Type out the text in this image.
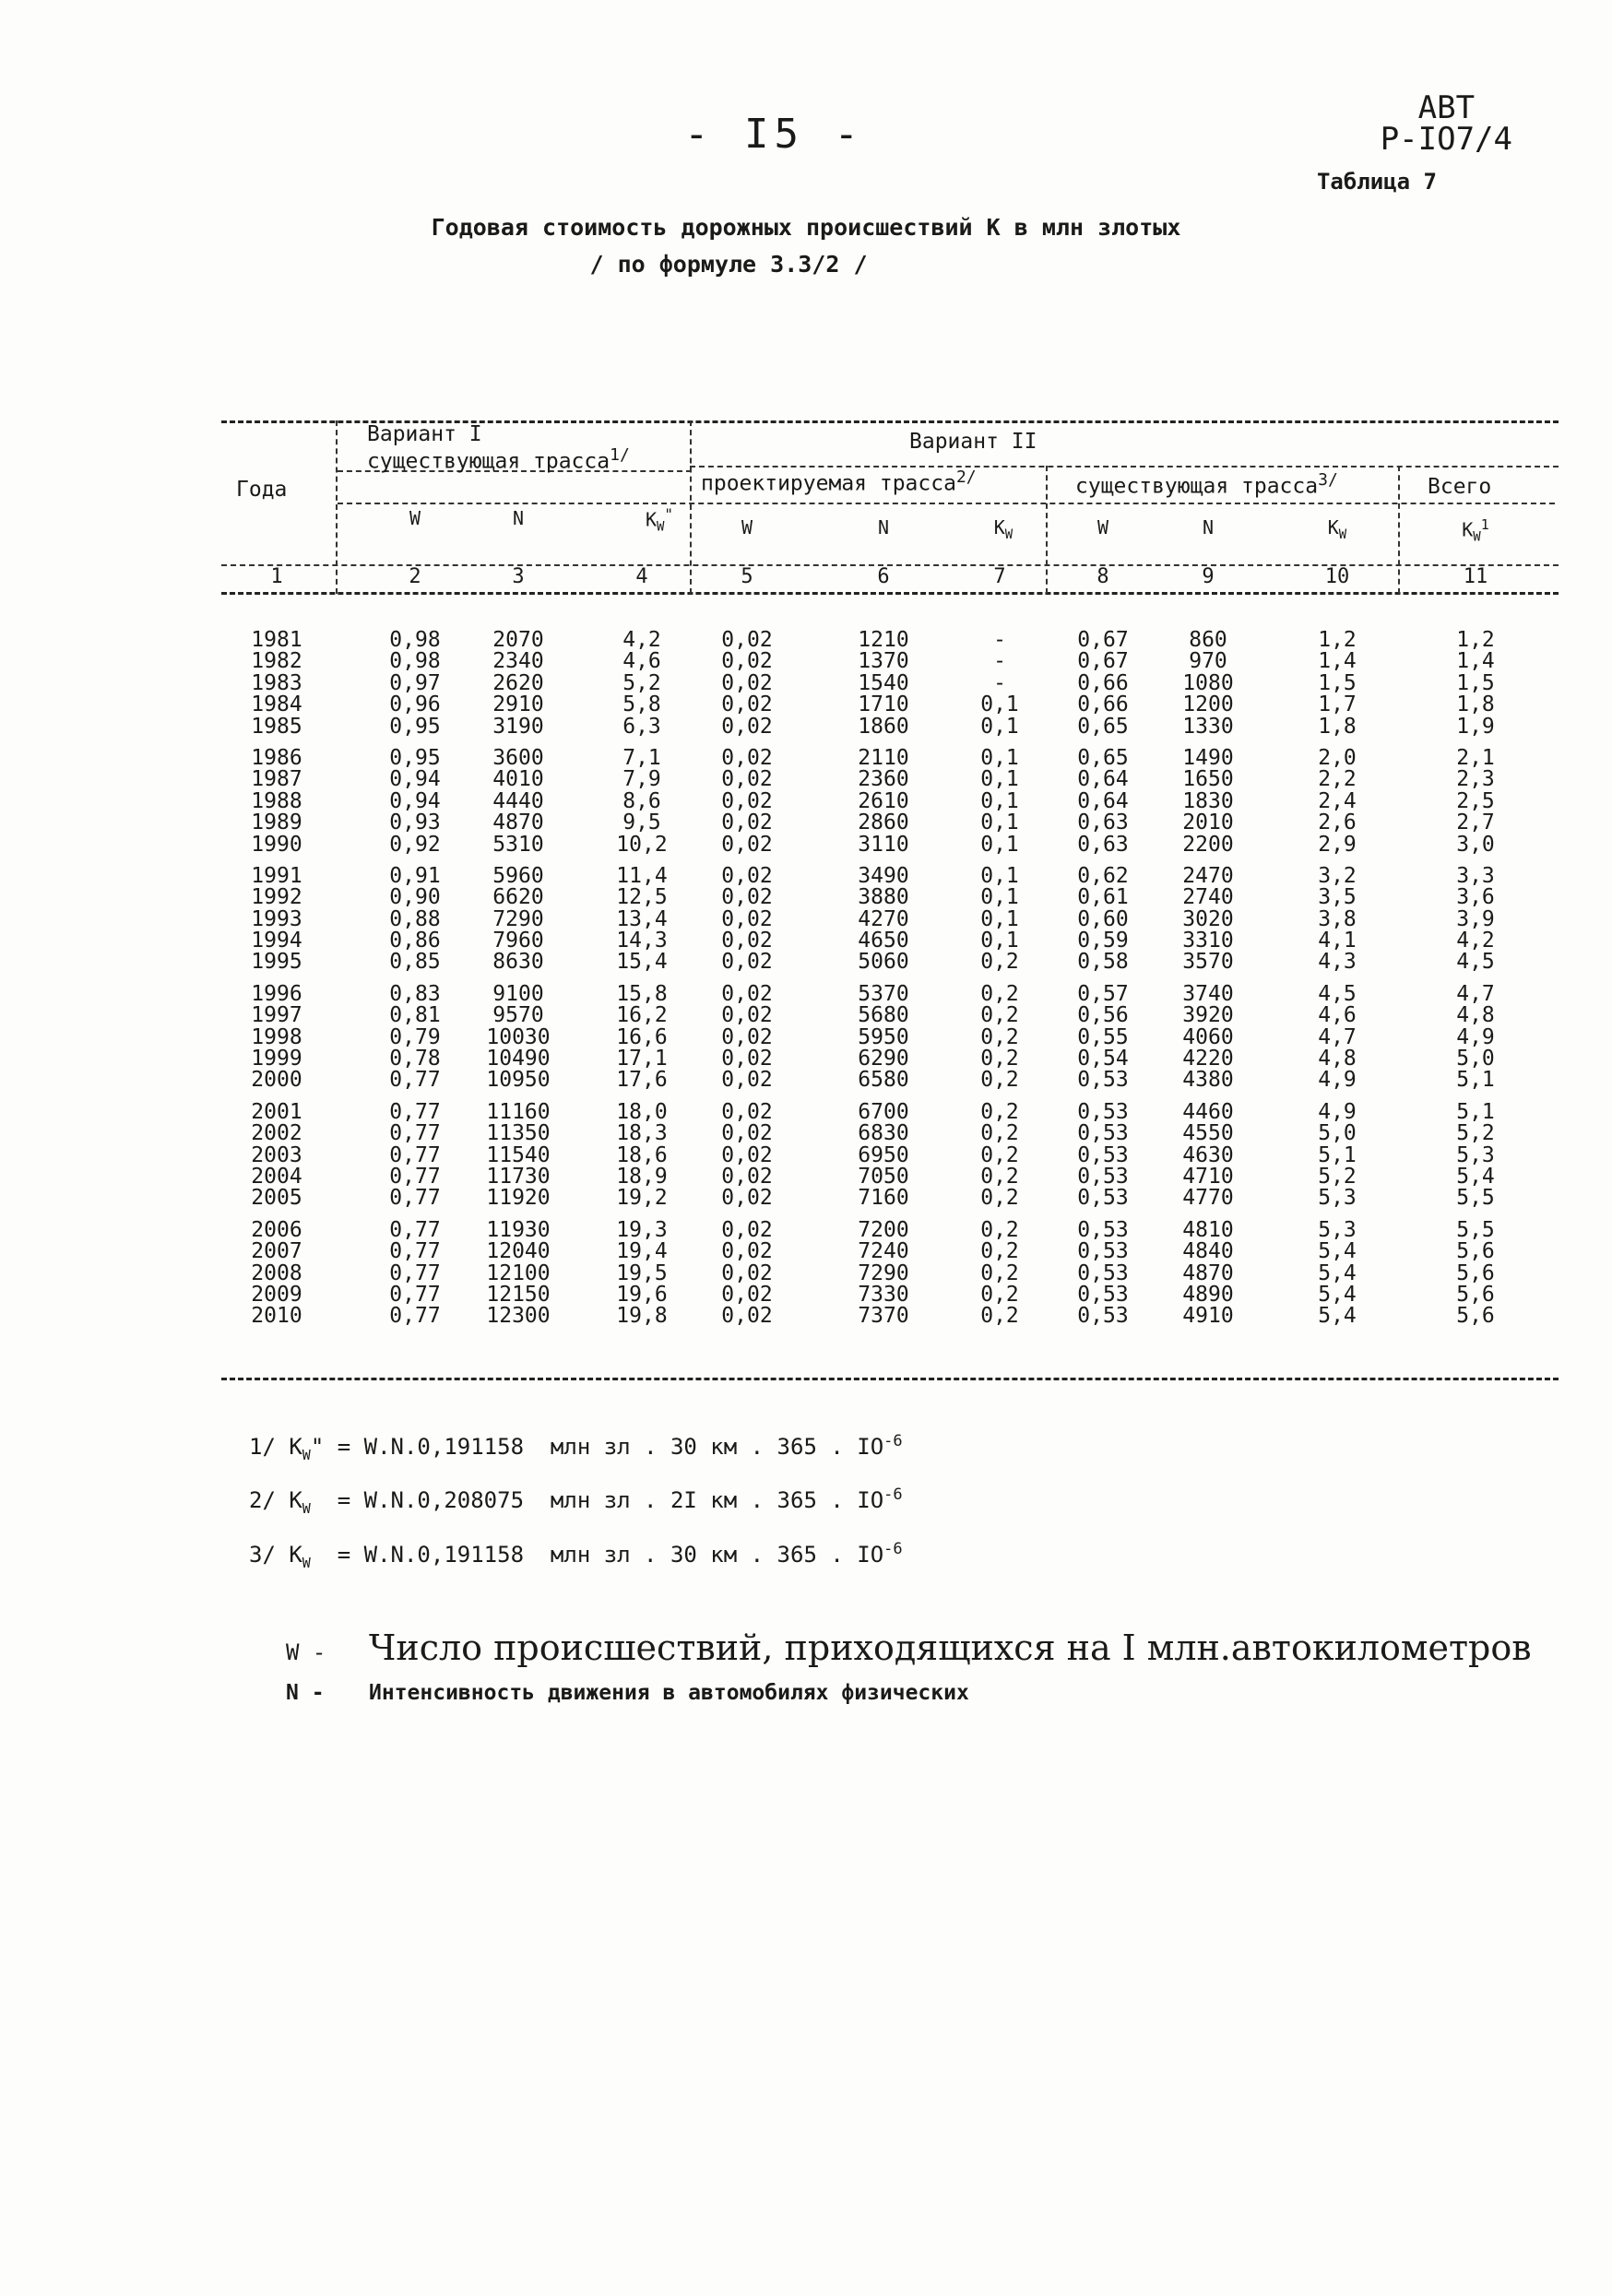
- I5 -
АВТ
Р-IO7/4
Таблица 7
Годовая стоимость дорожных происшествий K в млн злотых
/ по формуле 3.3/2 /
Года
Вариант I
существующая трасса$^{1/}$
Вариант II
проектируемая трасса$^{2/}$	существующая трасса$^{3/}$	Всего
W	N	$K_W^"$
W	N	$K_W$	W	N	$K_W$	$K_W^1$
1	2	3	4	5	6	7	8	9	10	11
1981	0,98	2070	4,2	0,02	1210	-	0,67	860	1,2	1,2
1982	0,98	2340	4,6	0,02	1370	-	0,67	970	1,4	1,4
1983	0,97	2620	5,2	0,02	1540	-	0,66	1080	1,5	1,5
1984	0,96	2910	5,8	0,02	1710	0,1	0,66	1200	1,7	1,8
1985	0,95	3190	6,3	0,02	1860	0,1	0,65	1330	1,8	1,9
1986	0,95	3600	7,1	0,02	2110	0,1	0,65	1490	2,0	2,1
1987	0,94	4010	7,9	0,02	2360	0,1	0,64	1650	2,2	2,3
1988	0,94	4440	8,6	0,02	2610	0,1	0,64	1830	2,4	2,5
1989	0,93	4870	9,5	0,02	2860	0,1	0,63	2010	2,6	2,7
1990	0,92	5310	10,2	0,02	3110	0,1	0,63	2200	2,9	3,0
1991	0,91	5960	11,4	0,02	3490	0,1	0,62	2470	3,2	3,3
1992	0,90	6620	12,5	0,02	3880	0,1	0,61	2740	3,5	3,6
1993	0,88	7290	13,4	0,02	4270	0,1	0,60	3020	3,8	3,9
1994	0,86	7960	14,3	0,02	4650	0,1	0,59	3310	4,1	4,2
1995	0,85	8630	15,4	0,02	5060	0,2	0,58	3570	4,3	4,5
1996	0,83	9100	15,8	0,02	5370	0,2	0,57	3740	4,5	4,7
1997	0,81	9570	16,2	0,02	5680	0,2	0,56	3920	4,6	4,8
1998	0,79	10030	16,6	0,02	5950	0,2	0,55	4060	4,7	4,9
1999	0,78	10490	17,1	0,02	6290	0,2	0,54	4220	4,8	5,0
2000	0,77	10950	17,6	0,02	6580	0,2	0,53	4380	4,9	5,1
2001	0,77	11160	18,0	0,02	6700	0,2	0,53	4460	4,9	5,1
2002	0,77	11350	18,3	0,02	6830	0,2	0,53	4550	5,0	5,2
2003	0,77	11540	18,6	0,02	6950	0,2	0,53	4630	5,1	5,3
2004	0,77	11730	18,9	0,02	7050	0,2	0,53	4710	5,2	5,4
2005	0,77	11920	19,2	0,02	7160	0,2	0,53	4770	5,3	5,5
2006	0,77	11930	19,3	0,02	7200	0,2	0,53	4810	5,3	5,5
2007	0,77	12040	19,4	0,02	7240	0,2	0,53	4840	5,4	5,6
2008	0,77	12100	19,5	0,02	7290	0,2	0,53	4870	5,4	5,6
2009	0,77	12150	19,6	0,02	7330	0,2	0,53	4890	5,4	5,6
2010	0,77	12300	19,8	0,02	7370	0,2	0,53	4910	5,4	5,6
1/ $K_W$" = W.N.0,191158  млн зл . 30 км . 365 . $IO^{-6}$
2/ $K_W = W.N.0,208075$  млн зл . 2I км . 365 . $IO^{-6}$
3/ $K_W = W.N.0,191158$  млн зл . 30 км . 365 . $IO^{-6}$
W - Число происшествий, приходящихся на I млн.автокилометров
N - Интенсивность движения в автомобилях физических
